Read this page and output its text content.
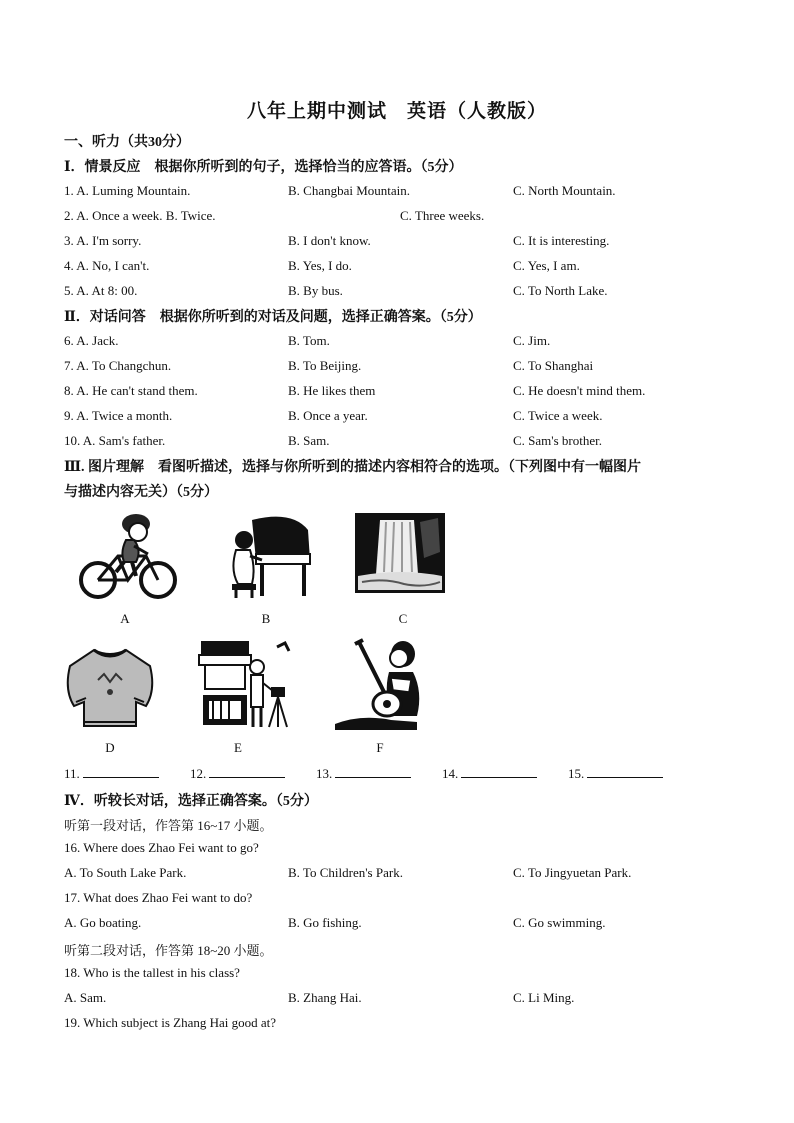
八年上期中测试　英语（人教版）
一、听力（共30分）
Ⅰ．情景反应　根据你所听到的句子，选择恰当的应答语。（5分）
1. A. Luming Mountain.	B. Changbai Mountain.	C. North Mountain.
2. A. Once a week. B. Twice.	C. Three weeks.
3. A. I'm sorry.	B. I don't know.	C. It is interesting.
4. A. No, I can't.	B. Yes, I do.	C. Yes, I am.
5. A. At 8: 00.	B. By bus.	C. To North Lake.
Ⅱ．对话问答　根据你所听到的对话及问题，选择正确答案。（5分）
6. A. Jack.	B. Tom.	C. Jim.
7. A. To Changchun.	B. To Beijing.	C. To Shanghai
8. A. He can't stand them.	B. He likes them	C. He doesn't mind them.
9. A. Twice a month.	B. Once a year.	C. Twice a week.
10. A. Sam's father.	B. Sam.	C. Sam's brother.
Ⅲ. 图片理解　看图听描述，选择与你所听到的描述内容相符合的选项。（下列图中有一幅图片
与描述内容无关）（5分）
A	B	C
D	E	F
11.	12.	13.	14.	15.
Ⅳ．听较长对话，选择正确答案。（5分）
听第一段对话，作答第 16~17 小题。
16. Where does Zhao Fei want to go?
A. To South Lake Park.	B. To Children's Park.	C. To Jingyuetan Park.
17. What does Zhao Fei want to do?
A. Go boating.	B. Go fishing.	C. Go swimming.
听第二段对话，作答第 18~20 小题。
18. Who is the tallest in his class?
A. Sam.	B. Zhang Hai.	C. Li Ming.
19. Which subject is Zhang Hai good at?
